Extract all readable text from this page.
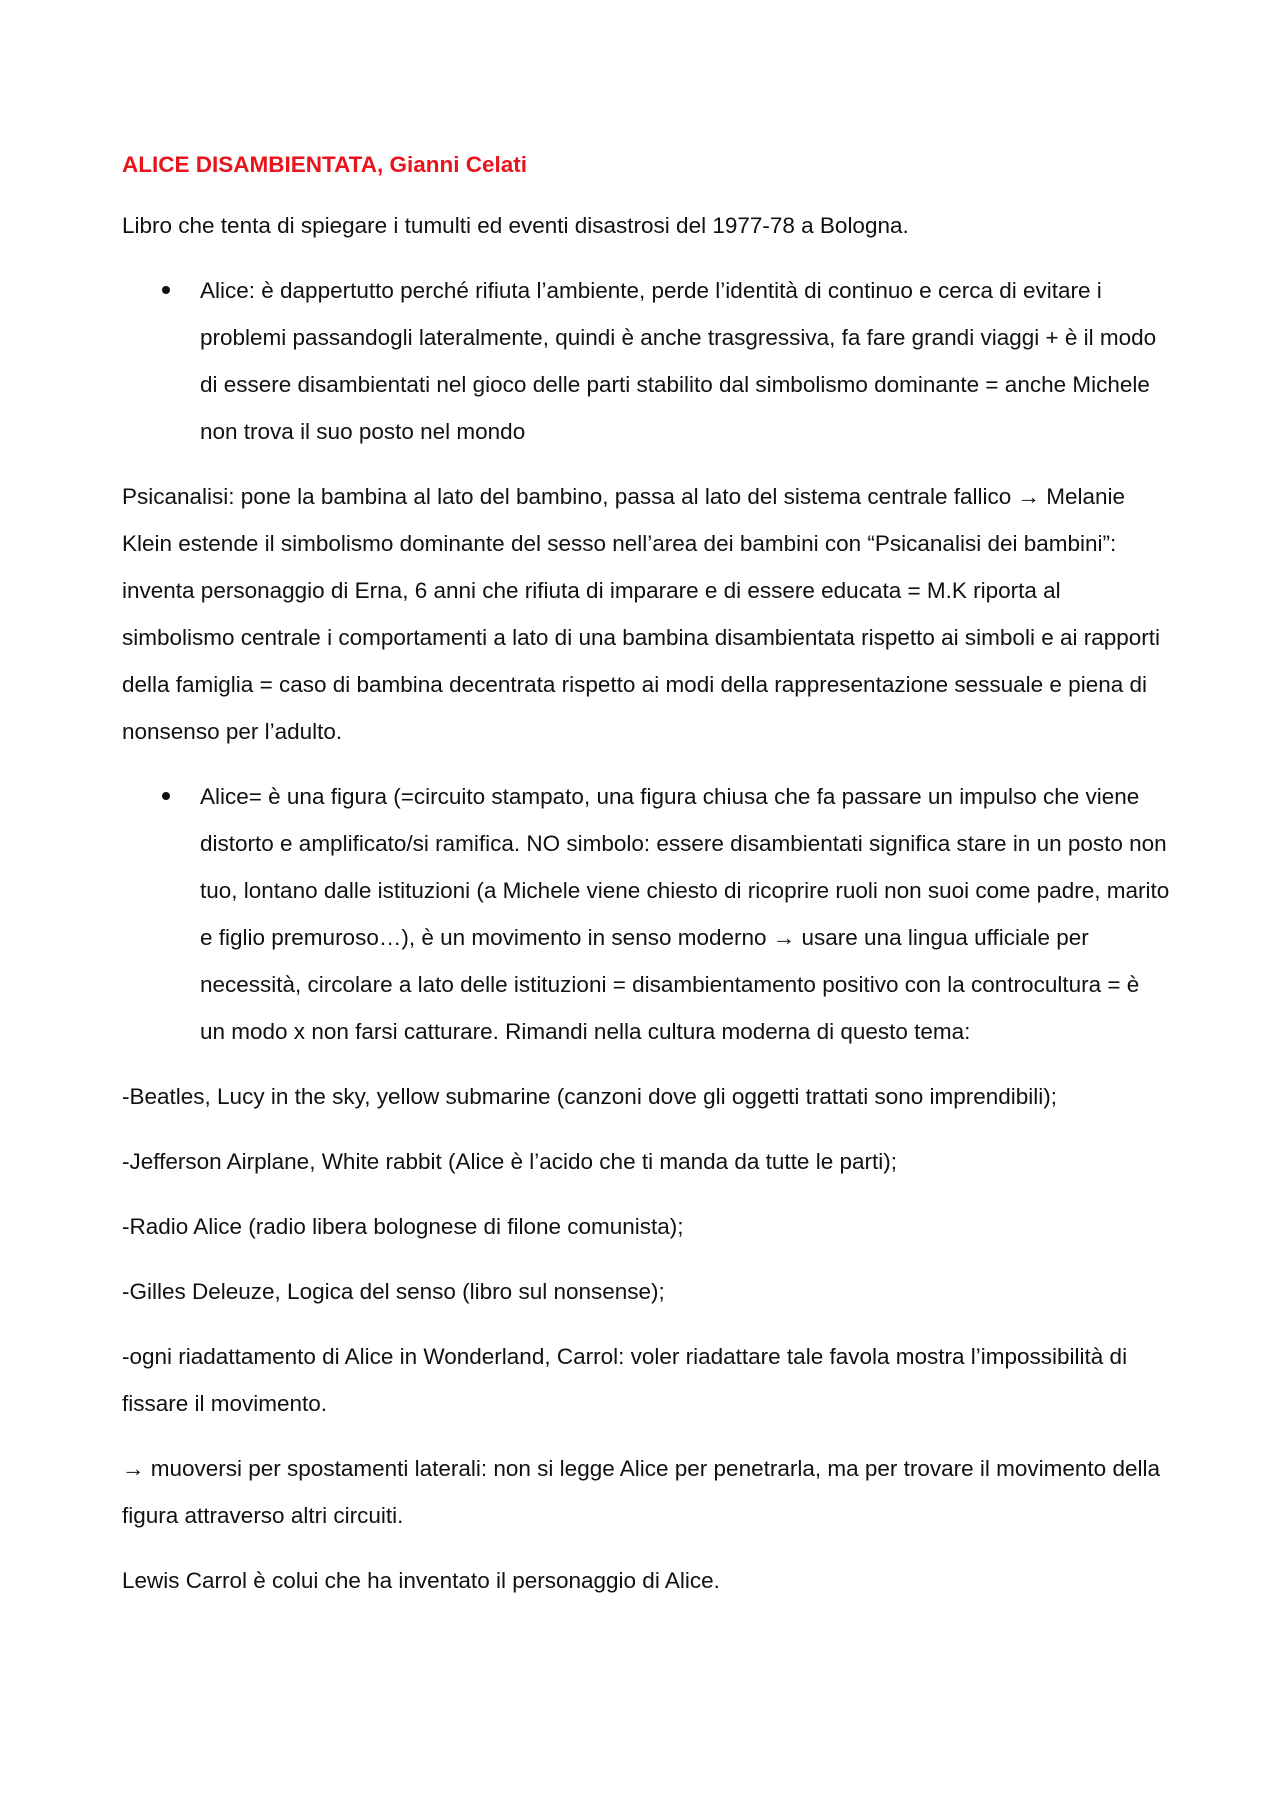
ALICE DISAMBIENTATA, Gianni Celati

Libro che tenta di spiegare i tumulti ed eventi disastrosi del 1977-78 a Bologna.

Alice: è dappertutto perché rifiuta l’ambiente, perde l’identità di continuo e cerca di evitare i problemi passandogli lateralmente, quindi è anche trasgressiva, fa fare grandi viaggi + è il modo di essere disambientati nel gioco delle parti stabilito dal simbolismo dominante = anche Michele non trova il suo posto nel mondo

Psicanalisi: pone la bambina al lato del bambino, passa al lato del sistema centrale fallico → Melanie Klein estende il simbolismo dominante del sesso nell’area dei bambini con “Psicanalisi dei bambini”: inventa personaggio di Erna, 6 anni che rifiuta di imparare e di essere educata = M.K riporta al simbolismo centrale i comportamenti a lato di una bambina disambientata rispetto ai simboli e ai rapporti della famiglia = caso di bambina decentrata rispetto ai modi della rappresentazione sessuale e piena di nonsenso per l’adulto.

Alice= è una figura (=circuito stampato, una figura chiusa che fa passare un impulso che viene distorto e amplificato/si ramifica. NO simbolo: essere disambientati significa stare in un posto non tuo, lontano dalle istituzioni (a Michele viene chiesto di ricoprire ruoli non suoi come padre, marito e figlio premuroso…), è un movimento in senso moderno → usare una lingua ufficiale per necessità, circolare a lato delle istituzioni = disambientamento positivo con la controcultura = è un modo x non farsi catturare. Rimandi nella cultura moderna di questo tema:

-Beatles, Lucy in the sky, yellow submarine (canzoni dove gli oggetti trattati sono imprendibili);

-Jefferson Airplane, White rabbit (Alice è l’acido che ti manda da tutte le parti);

-Radio Alice (radio libera bolognese di filone comunista);

-Gilles Deleuze, Logica del senso (libro sul nonsense);

-ogni riadattamento di Alice in Wonderland, Carrol: voler riadattare tale favola mostra l’impossibilità di fissare il movimento.

→ muoversi per spostamenti laterali: non si legge Alice per penetrarla, ma per trovare il movimento della figura attraverso altri circuiti.

Lewis Carrol è colui che ha inventato il personaggio di Alice.
